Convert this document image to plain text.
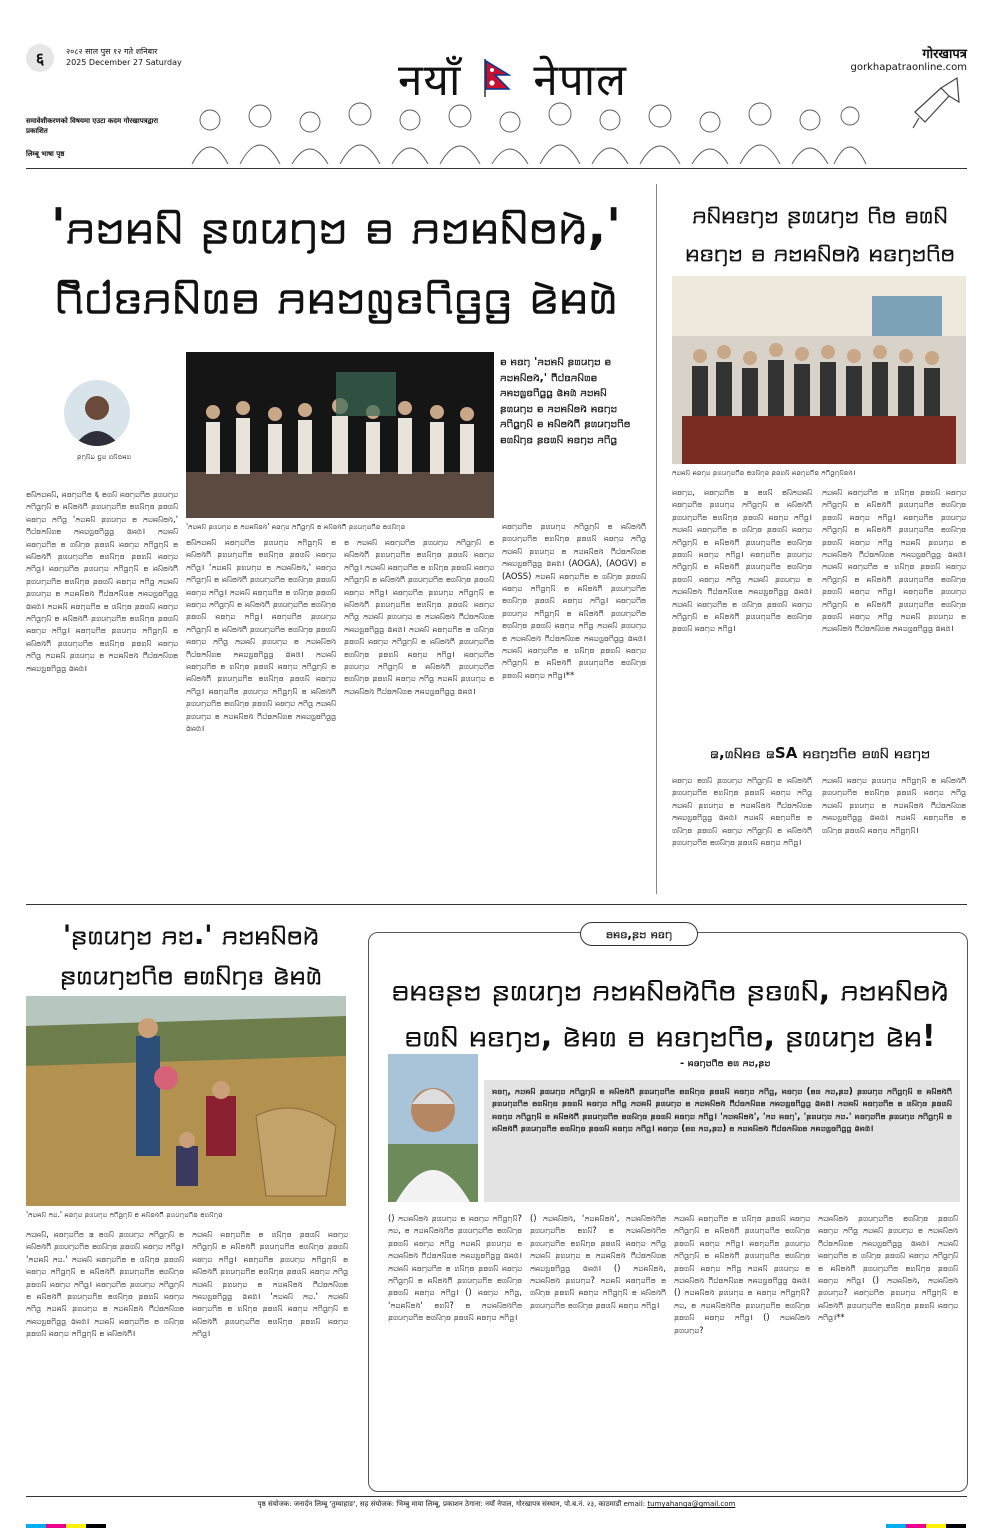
६	२०८२ साल पुस १२ गते शनिबार
2025 December 27 Saturday	नयाँ नेपाल
गोरखापत्र
gorkhapatraonline.com
समावेशीकरणको विषयमा एउटा कदम गोरखापत्रद्वारा प्रकाशित
लिम्बू भाषा पृष्ठ
'ꤏꤠꤌꤡ ꤔꤛꤣꤚꤠ ꤋ ꤏꤠꤌꤡꤥꤙꤧ,' ꤖꤧꤓꤢꤏꤡꤛꤋ ꤏꤌꤠꤜꤢꤖꤞꤞ ꤕꤧꤌꤛꤧ
ꤔꤚꤡꤗ ꤑꤠ ꤛꤡꤤꤌꤛ
'ꤏꤠꤌꤡ ꤔꤛꤣꤚꤠ ꤋ ꤏꤠꤌꤡꤥꤙꤧ' ꤌꤢꤚꤠ ꤏꤖꤞꤚꤡ ꤋ ꤌꤡꤥꤙꤧꤖꤧ ꤔꤛꤣꤚꤠꤖꤥ ꤋꤛꤡꤚꤢ
ꤋ ꤌꤢꤚ 'ꤏꤠꤌꤡ ꤔꤛꤣꤚꤠ ꤋ ꤏꤠꤌꤡꤥꤙꤧ,' ꤖꤧꤓꤢꤏꤡꤛꤋ ꤏꤌꤠꤜꤢꤖꤞꤞ ꤕꤧꤌꤛꤧ ꤏꤠꤌꤡ ꤔꤛꤣꤚꤠ ꤋ ꤏꤠꤌꤡꤥꤙꤧ ꤌꤢꤚꤠ ꤏꤖꤞꤚꤡ ꤋ ꤌꤡꤥꤙꤧꤖꤧ ꤔꤛꤣꤚꤠꤖꤥ ꤋꤛꤡꤚꤢ ꤔꤢꤛꤡ ꤌꤢꤚꤠ ꤏꤖꤞ

ꤋꤡꤏꤠꤌꤡ, ꤌꤢꤚꤠꤖꤥ ६ ꤋꤛꤡ ꤌꤢꤚꤠꤖꤥ ꤔꤛꤣꤚꤠ ꤏꤖꤞꤚꤡ ꤋ ꤌꤡꤥꤙꤧꤖꤧ ꤔꤛꤣꤚꤠꤖꤥ ꤋꤛꤡꤚꤢ ꤔꤢꤛꤡ ꤌꤢꤚꤠ ꤏꤖꤞ 'ꤏꤠꤌꤡ ꤔꤛꤣꤚꤠ ꤋ ꤏꤠꤌꤡꤥꤙꤧ,' ꤖꤧꤓꤢꤏꤡꤛꤋ ꤏꤌꤠꤜꤢꤖꤞꤞ ꤕꤧꤌꤛꤧ। ꤏꤠꤌꤡ ꤌꤢꤚꤠꤖꤥ ꤋ ꤛꤡꤚꤢ ꤔꤢꤛꤡ ꤌꤢꤚꤠ ꤏꤖꤞꤚꤡ ꤋ ꤌꤡꤥꤙꤧꤖꤧ ꤔꤛꤣꤚꤠꤖꤥ ꤋꤛꤡꤚꤢ ꤔꤢꤛꤡ ꤌꤢꤚꤠ ꤏꤖꤞ। ꤌꤢꤚꤠꤖꤥ ꤔꤛꤣꤚꤠ ꤏꤖꤞꤚꤡ ꤋ ꤌꤡꤥꤙꤧꤖꤧ ꤔꤛꤣꤚꤠꤖꤥ ꤋꤛꤡꤚꤢ ꤔꤢꤛꤡ ꤌꤢꤚꤠ ꤏꤖꤞ ꤏꤠꤌꤡ ꤔꤛꤣꤚꤠ ꤋ ꤏꤠꤌꤡꤥꤙꤧ ꤖꤧꤓꤢꤏꤡꤛꤋ ꤏꤌꤠꤜꤢꤖꤞꤞ ꤕꤧꤌꤛꤧ। ꤏꤠꤌꤡ ꤌꤢꤚꤠꤖꤥ ꤋ ꤛꤡꤚꤢ ꤔꤢꤛꤡ ꤌꤢꤚꤠ ꤏꤖꤞꤚꤡ ꤋ ꤌꤡꤥꤙꤧꤖꤧ ꤔꤛꤣꤚꤠꤖꤥ ꤋꤛꤡꤚꤢ ꤔꤢꤛꤡ ꤌꤢꤚꤠ ꤏꤖꤞ। ꤌꤢꤚꤠꤖꤥ ꤔꤛꤣꤚꤠ ꤏꤖꤞꤚꤡ ꤋ ꤌꤡꤥꤙꤧꤖꤧ ꤔꤛꤣꤚꤠꤖꤥ ꤋꤛꤡꤚꤢ ꤔꤢꤛꤡ ꤌꤢꤚꤠ ꤏꤖꤞ ꤏꤠꤌꤡ ꤔꤛꤣꤚꤠ ꤋ ꤏꤠꤌꤡꤥꤙꤧ ꤖꤧꤓꤢꤏꤡꤛꤋ ꤏꤌꤠꤜꤢꤖꤞꤞ ꤕꤧꤌꤛꤧ।

ꤋꤡꤏꤠꤌꤡ ꤌꤢꤚꤠꤖꤥ ꤔꤛꤣꤚꤠ ꤏꤖꤞꤚꤡ ꤋ ꤌꤡꤥꤙꤧꤖꤧ ꤔꤛꤣꤚꤠꤖꤥ ꤋꤛꤡꤚꤢ ꤔꤢꤛꤡ ꤌꤢꤚꤠ ꤏꤖꤞ। 'ꤏꤠꤌꤡ ꤔꤛꤣꤚꤠ ꤋ ꤏꤠꤌꤡꤥꤙꤧ,' ꤌꤢꤚꤠ ꤏꤖꤞꤚꤡ ꤋ ꤌꤡꤥꤙꤧꤖꤧ ꤔꤛꤣꤚꤠꤖꤥ ꤋꤛꤡꤚꤢ ꤔꤢꤛꤡ ꤌꤢꤚꤠ ꤏꤖꤞ। ꤏꤠꤌꤡ ꤌꤢꤚꤠꤖꤥ ꤋ ꤛꤡꤚꤢ ꤔꤢꤛꤡ ꤌꤢꤚꤠ ꤏꤖꤞꤚꤡ ꤋ ꤌꤡꤥꤙꤧꤖꤧ ꤔꤛꤣꤚꤠꤖꤥ ꤋꤛꤡꤚꤢ ꤔꤢꤛꤡ ꤌꤢꤚꤠ ꤏꤖꤞ। ꤌꤢꤚꤠꤖꤥ ꤔꤛꤣꤚꤠ ꤏꤖꤞꤚꤡ ꤋ ꤌꤡꤥꤙꤧꤖꤧ ꤔꤛꤣꤚꤠꤖꤥ ꤋꤛꤡꤚꤢ ꤔꤢꤛꤡ ꤌꤢꤚꤠ ꤏꤖꤞ ꤏꤠꤌꤡ ꤔꤛꤣꤚꤠ ꤋ ꤏꤠꤌꤡꤥꤙꤧ ꤖꤧꤓꤢꤏꤡꤛꤋ ꤏꤌꤠꤜꤢꤖꤞꤞ ꤕꤧꤌꤛꤧ। ꤏꤠꤌꤡ ꤌꤢꤚꤠꤖꤥ ꤋ ꤛꤡꤚꤢ ꤔꤢꤛꤡ ꤌꤢꤚꤠ ꤏꤖꤞꤚꤡ ꤋ ꤌꤡꤥꤙꤧꤖꤧ ꤔꤛꤣꤚꤠꤖꤥ ꤋꤛꤡꤚꤢ ꤔꤢꤛꤡ ꤌꤢꤚꤠ ꤏꤖꤞ। ꤌꤢꤚꤠꤖꤥ ꤔꤛꤣꤚꤠ ꤏꤖꤞꤚꤡ ꤋ ꤌꤡꤥꤙꤧꤖꤧ ꤔꤛꤣꤚꤠꤖꤥ ꤋꤛꤡꤚꤢ ꤔꤢꤛꤡ ꤌꤢꤚꤠ ꤏꤖꤞ ꤏꤠꤌꤡ ꤔꤛꤣꤚꤠ ꤋ ꤏꤠꤌꤡꤥꤙꤧ ꤖꤧꤓꤢꤏꤡꤛꤋ ꤏꤌꤠꤜꤢꤖꤞꤞ ꤕꤧꤌꤛꤧ।

ꤋ ꤏꤠꤌꤡ ꤌꤢꤚꤠꤖꤥ ꤔꤛꤣꤚꤠ ꤏꤖꤞꤚꤡ ꤋ ꤌꤡꤥꤙꤧꤖꤧ ꤔꤛꤣꤚꤠꤖꤥ ꤋꤛꤡꤚꤢ ꤔꤢꤛꤡ ꤌꤢꤚꤠ ꤏꤖꤞ। ꤏꤠꤌꤡ ꤌꤢꤚꤠꤖꤥ ꤋ ꤛꤡꤚꤢ ꤔꤢꤛꤡ ꤌꤢꤚꤠ ꤏꤖꤞꤚꤡ ꤋ ꤌꤡꤥꤙꤧꤖꤧ ꤔꤛꤣꤚꤠꤖꤥ ꤋꤛꤡꤚꤢ ꤔꤢꤛꤡ ꤌꤢꤚꤠ ꤏꤖꤞ। ꤌꤢꤚꤠꤖꤥ ꤔꤛꤣꤚꤠ ꤏꤖꤞꤚꤡ ꤋ ꤌꤡꤥꤙꤧꤖꤧ ꤔꤛꤣꤚꤠꤖꤥ ꤋꤛꤡꤚꤢ ꤔꤢꤛꤡ ꤌꤢꤚꤠ ꤏꤖꤞ ꤏꤠꤌꤡ ꤔꤛꤣꤚꤠ ꤋ ꤏꤠꤌꤡꤥꤙꤧ ꤖꤧꤓꤢꤏꤡꤛꤋ ꤏꤌꤠꤜꤢꤖꤞꤞ ꤕꤧꤌꤛꤧ। ꤏꤠꤌꤡ ꤌꤢꤚꤠꤖꤥ ꤋ ꤛꤡꤚꤢ ꤔꤢꤛꤡ ꤌꤢꤚꤠ ꤏꤖꤞꤚꤡ ꤋ ꤌꤡꤥꤙꤧꤖꤧ ꤔꤛꤣꤚꤠꤖꤥ ꤋꤛꤡꤚꤢ ꤔꤢꤛꤡ ꤌꤢꤚꤠ ꤏꤖꤞ। ꤌꤢꤚꤠꤖꤥ ꤔꤛꤣꤚꤠ ꤏꤖꤞꤚꤡ ꤋ ꤌꤡꤥꤙꤧꤖꤧ ꤔꤛꤣꤚꤠꤖꤥ ꤋꤛꤡꤚꤢ ꤔꤢꤛꤡ ꤌꤢꤚꤠ ꤏꤖꤞ ꤏꤠꤌꤡ ꤔꤛꤣꤚꤠ ꤋ ꤏꤠꤌꤡꤥꤙꤧ ꤖꤧꤓꤢꤏꤡꤛꤋ ꤏꤌꤠꤜꤢꤖꤞꤞ ꤕꤧꤌꤛꤧ।

ꤌꤢꤚꤠꤖꤥ ꤔꤛꤣꤚꤠ ꤏꤖꤞꤚꤡ ꤋ ꤌꤡꤥꤙꤧꤖꤧ ꤔꤛꤣꤚꤠꤖꤥ ꤋꤛꤡꤚꤢ ꤔꤢꤛꤡ ꤌꤢꤚꤠ ꤏꤖꤞ ꤏꤠꤌꤡ ꤔꤛꤣꤚꤠ ꤋ ꤏꤠꤌꤡꤥꤙꤧ ꤖꤧꤓꤢꤏꤡꤛꤋ ꤏꤌꤠꤜꤢꤖꤞꤞ ꤕꤧꤌꤛꤧ। (AOGA), (AOGV) ꤋ (AOSS) ꤏꤠꤌꤡ ꤌꤢꤚꤠꤖꤥ ꤋ ꤛꤡꤚꤢ ꤔꤢꤛꤡ ꤌꤢꤚꤠ ꤏꤖꤞꤚꤡ ꤋ ꤌꤡꤥꤙꤧꤖꤧ ꤔꤛꤣꤚꤠꤖꤥ ꤋꤛꤡꤚꤢ ꤔꤢꤛꤡ ꤌꤢꤚꤠ ꤏꤖꤞ। ꤌꤢꤚꤠꤖꤥ ꤔꤛꤣꤚꤠ ꤏꤖꤞꤚꤡ ꤋ ꤌꤡꤥꤙꤧꤖꤧ ꤔꤛꤣꤚꤠꤖꤥ ꤋꤛꤡꤚꤢ ꤔꤢꤛꤡ ꤌꤢꤚꤠ ꤏꤖꤞ ꤏꤠꤌꤡ ꤔꤛꤣꤚꤠ ꤋ ꤏꤠꤌꤡꤥꤙꤧ ꤖꤧꤓꤢꤏꤡꤛꤋ ꤏꤌꤠꤜꤢꤖꤞꤞ ꤕꤧꤌꤛꤧ। ꤏꤠꤌꤡ ꤌꤢꤚꤠꤖꤥ ꤋ ꤛꤡꤚꤢ ꤔꤢꤛꤡ ꤌꤢꤚꤠ ꤏꤖꤞꤚꤡ ꤋ ꤌꤡꤥꤙꤧꤖꤧ ꤔꤛꤣꤚꤠꤖꤥ ꤋꤛꤡꤚꤢ ꤔꤢꤛꤡ ꤌꤢꤚꤠ ꤏꤖꤞ।**

ꤏꤡꤌꤢꤚꤠ ꤔꤛꤣꤚꤠ ꤖꤥ ꤋꤛꤡ ꤌꤢꤚꤠ ꤋ ꤏꤠꤌꤡꤥꤙꤧ ꤌꤢꤚꤠꤖꤥ
ꤏꤠꤌꤡ ꤌꤢꤚꤠ ꤔꤛꤣꤚꤠꤖꤥ ꤋꤛꤡꤚꤢ ꤔꤢꤛꤡ ꤌꤢꤚꤠꤖꤥ ꤏꤖꤞꤚꤡꤥꤙꤧ।

ꤌꤢꤚꤠ, ꤌꤢꤚꤠꤖꤥ ꤘ ꤋꤛꤡ ꤋꤡꤏꤠꤌꤡ ꤌꤢꤚꤠꤖꤥ ꤔꤛꤣꤚꤠ ꤏꤖꤞꤚꤡ ꤋ ꤌꤡꤥꤙꤧꤖꤧ ꤔꤛꤣꤚꤠꤖꤥ ꤋꤛꤡꤚꤢ ꤔꤢꤛꤡ ꤌꤢꤚꤠ ꤏꤖꤞ। ꤏꤠꤌꤡ ꤌꤢꤚꤠꤖꤥ ꤋ ꤛꤡꤚꤢ ꤔꤢꤛꤡ ꤌꤢꤚꤠ ꤏꤖꤞꤚꤡ ꤋ ꤌꤡꤥꤙꤧꤖꤧ ꤔꤛꤣꤚꤠꤖꤥ ꤋꤛꤡꤚꤢ ꤔꤢꤛꤡ ꤌꤢꤚꤠ ꤏꤖꤞ। ꤌꤢꤚꤠꤖꤥ ꤔꤛꤣꤚꤠ ꤏꤖꤞꤚꤡ ꤋ ꤌꤡꤥꤙꤧꤖꤧ ꤔꤛꤣꤚꤠꤖꤥ ꤋꤛꤡꤚꤢ ꤔꤢꤛꤡ ꤌꤢꤚꤠ ꤏꤖꤞ ꤏꤠꤌꤡ ꤔꤛꤣꤚꤠ ꤋ ꤏꤠꤌꤡꤥꤙꤧ ꤖꤧꤓꤢꤏꤡꤛꤋ ꤏꤌꤠꤜꤢꤖꤞꤞ ꤕꤧꤌꤛꤧ। ꤏꤠꤌꤡ ꤌꤢꤚꤠꤖꤥ ꤋ ꤛꤡꤚꤢ ꤔꤢꤛꤡ ꤌꤢꤚꤠ ꤏꤖꤞꤚꤡ ꤋ ꤌꤡꤥꤙꤧꤖꤧ ꤔꤛꤣꤚꤠꤖꤥ ꤋꤛꤡꤚꤢ ꤔꤢꤛꤡ ꤌꤢꤚꤠ ꤏꤖꤞ।

ꤏꤠꤌꤡ ꤌꤢꤚꤠꤖꤥ ꤋ ꤛꤡꤚꤢ ꤔꤢꤛꤡ ꤌꤢꤚꤠ ꤏꤖꤞꤚꤡ ꤋ ꤌꤡꤥꤙꤧꤖꤧ ꤔꤛꤣꤚꤠꤖꤥ ꤋꤛꤡꤚꤢ ꤔꤢꤛꤡ ꤌꤢꤚꤠ ꤏꤖꤞ। ꤌꤢꤚꤠꤖꤥ ꤔꤛꤣꤚꤠ ꤏꤖꤞꤚꤡ ꤋ ꤌꤡꤥꤙꤧꤖꤧ ꤔꤛꤣꤚꤠꤖꤥ ꤋꤛꤡꤚꤢ ꤔꤢꤛꤡ ꤌꤢꤚꤠ ꤏꤖꤞ ꤏꤠꤌꤡ ꤔꤛꤣꤚꤠ ꤋ ꤏꤠꤌꤡꤥꤙꤧ ꤖꤧꤓꤢꤏꤡꤛꤋ ꤏꤌꤠꤜꤢꤖꤞꤞ ꤕꤧꤌꤛꤧ। ꤏꤠꤌꤡ ꤌꤢꤚꤠꤖꤥ ꤋ ꤛꤡꤚꤢ ꤔꤢꤛꤡ ꤌꤢꤚꤠ ꤏꤖꤞꤚꤡ ꤋ ꤌꤡꤥꤙꤧꤖꤧ ꤔꤛꤣꤚꤠꤖꤥ ꤋꤛꤡꤚꤢ ꤔꤢꤛꤡ ꤌꤢꤚꤠ ꤏꤖꤞ। ꤌꤢꤚꤠꤖꤥ ꤔꤛꤣꤚꤠ ꤏꤖꤞꤚꤡ ꤋ ꤌꤡꤥꤙꤧꤖꤧ ꤔꤛꤣꤚꤠꤖꤥ ꤋꤛꤡꤚꤢ ꤔꤢꤛꤡ ꤌꤢꤚꤠ ꤏꤖꤞ ꤏꤠꤌꤡ ꤔꤛꤣꤚꤠ ꤋ ꤏꤠꤌꤡꤥꤙꤧ ꤖꤧꤓꤢꤏꤡꤛꤋ ꤏꤌꤠꤜꤢꤖꤞꤞ ꤕꤧꤌꤛꤧ।

ꤘ,ꤛꤡꤌꤢ ꤘSA ꤌꤢꤚꤠꤖꤥ ꤋꤛꤡ ꤌꤢꤚꤠ

ꤌꤢꤚꤠ ꤋꤛꤡ ꤔꤛꤣꤚꤠ ꤏꤖꤞꤚꤡ ꤋ ꤌꤡꤥꤙꤧꤖꤧ ꤔꤛꤣꤚꤠꤖꤥ ꤋꤛꤡꤚꤢ ꤔꤢꤛꤡ ꤌꤢꤚꤠ ꤏꤖꤞ ꤏꤠꤌꤡ ꤔꤛꤣꤚꤠ ꤋ ꤏꤠꤌꤡꤥꤙꤧ ꤖꤧꤓꤢꤏꤡꤛꤋ ꤏꤌꤠꤜꤢꤖꤞꤞ ꤕꤧꤌꤛꤧ। ꤏꤠꤌꤡ ꤌꤢꤚꤠꤖꤥ ꤋ ꤛꤡꤚꤢ ꤔꤢꤛꤡ ꤌꤢꤚꤠ ꤏꤖꤞꤚꤡ ꤋ ꤌꤡꤥꤙꤧꤖꤧ ꤔꤛꤣꤚꤠꤖꤥ ꤋꤛꤡꤚꤢ ꤔꤢꤛꤡ ꤌꤢꤚꤠ ꤏꤖꤞ।

ꤏꤠꤌꤡ ꤌꤢꤚꤠ ꤔꤛꤣꤚꤠ ꤏꤖꤞꤚꤡ ꤋ ꤌꤡꤥꤙꤧꤖꤧ ꤔꤛꤣꤚꤠꤖꤥ ꤋꤛꤡꤚꤢ ꤔꤢꤛꤡ ꤌꤢꤚꤠ ꤏꤖꤞ ꤏꤠꤌꤡ ꤔꤛꤣꤚꤠ ꤋ ꤏꤠꤌꤡꤥꤙꤧ ꤖꤧꤓꤢꤏꤡꤛꤋ ꤏꤌꤠꤜꤢꤖꤞꤞ ꤕꤧꤌꤛꤧ। ꤏꤠꤌꤡ ꤌꤢꤚꤠꤖꤥ ꤋ ꤛꤡꤚꤢ ꤔꤢꤛꤡ ꤌꤢꤚꤠ ꤏꤖꤞꤚꤡ।

'ꤔꤛꤣꤚꤠ ꤏꤠ.' ꤏꤠꤌꤡꤥꤙꤧ ꤔꤛꤣꤚꤠꤖꤥ ꤋꤛꤡꤚꤢ ꤕꤧꤌꤛꤧ
'ꤏꤠꤌꤡ ꤏꤠ.' ꤌꤢꤚꤠ ꤔꤛꤣꤚꤠ ꤏꤖꤞꤚꤡ ꤋ ꤌꤡꤥꤙꤧꤖꤧ ꤔꤛꤣꤚꤠꤖꤥ ꤋꤛꤡꤚꤢ

ꤏꤠꤌꤡ, ꤌꤢꤚꤠꤖꤥ ꤘ ꤋꤛꤡ ꤔꤛꤣꤚꤠ ꤏꤖꤞꤚꤡ ꤋ ꤌꤡꤥꤙꤧꤖꤧ ꤔꤛꤣꤚꤠꤖꤥ ꤋꤛꤡꤚꤢ ꤔꤢꤛꤡ ꤌꤢꤚꤠ ꤏꤖꤞ। 'ꤏꤠꤌꤡ ꤏꤠ.' ꤏꤠꤌꤡ ꤌꤢꤚꤠꤖꤥ ꤋ ꤛꤡꤚꤢ ꤔꤢꤛꤡ ꤌꤢꤚꤠ ꤏꤖꤞꤚꤡ ꤋ ꤌꤡꤥꤙꤧꤖꤧ ꤔꤛꤣꤚꤠꤖꤥ ꤋꤛꤡꤚꤢ ꤔꤢꤛꤡ ꤌꤢꤚꤠ ꤏꤖꤞ। ꤌꤢꤚꤠꤖꤥ ꤔꤛꤣꤚꤠ ꤏꤖꤞꤚꤡ ꤋ ꤌꤡꤥꤙꤧꤖꤧ ꤔꤛꤣꤚꤠꤖꤥ ꤋꤛꤡꤚꤢ ꤔꤢꤛꤡ ꤌꤢꤚꤠ ꤏꤖꤞ ꤏꤠꤌꤡ ꤔꤛꤣꤚꤠ ꤋ ꤏꤠꤌꤡꤥꤙꤧ ꤖꤧꤓꤢꤏꤡꤛꤋ ꤏꤌꤠꤜꤢꤖꤞꤞ ꤕꤧꤌꤛꤧ। ꤏꤠꤌꤡ ꤌꤢꤚꤠꤖꤥ ꤋ ꤛꤡꤚꤢ ꤔꤢꤛꤡ ꤌꤢꤚꤠ ꤏꤖꤞꤚꤡ ꤋ ꤌꤡꤥꤙꤧꤖꤧ।

ꤏꤠꤌꤡ ꤌꤢꤚꤠꤖꤥ ꤋ ꤛꤡꤚꤢ ꤔꤢꤛꤡ ꤌꤢꤚꤠ ꤏꤖꤞꤚꤡ ꤋ ꤌꤡꤥꤙꤧꤖꤧ ꤔꤛꤣꤚꤠꤖꤥ ꤋꤛꤡꤚꤢ ꤔꤢꤛꤡ ꤌꤢꤚꤠ ꤏꤖꤞ। ꤌꤢꤚꤠꤖꤥ ꤔꤛꤣꤚꤠ ꤏꤖꤞꤚꤡ ꤋ ꤌꤡꤥꤙꤧꤖꤧ ꤔꤛꤣꤚꤠꤖꤥ ꤋꤛꤡꤚꤢ ꤔꤢꤛꤡ ꤌꤢꤚꤠ ꤏꤖꤞ ꤏꤠꤌꤡ ꤔꤛꤣꤚꤠ ꤋ ꤏꤠꤌꤡꤥꤙꤧ ꤖꤧꤓꤢꤏꤡꤛꤋ ꤏꤌꤠꤜꤢꤖꤞꤞ ꤕꤧꤌꤛꤧ। 'ꤏꤠꤌꤡ ꤏꤠ.' ꤏꤠꤌꤡ ꤌꤢꤚꤠꤖꤥ ꤋ ꤛꤡꤚꤢ ꤔꤢꤛꤡ ꤌꤢꤚꤠ ꤏꤖꤞꤚꤡ ꤋ ꤌꤡꤥꤙꤧꤖꤧ ꤔꤛꤣꤚꤠꤖꤥ ꤋꤛꤡꤚꤢ ꤔꤢꤛꤡ ꤌꤢꤚꤠ ꤏꤖꤞ।

ꤋꤌꤢ,ꤔꤠ ꤌꤢꤚ
ꤋꤌꤢꤔꤠ ꤔꤛꤣꤚꤠ ꤏꤠꤌꤡꤥꤙꤧꤖꤥ ꤔꤢꤛꤡ, ꤏꤠꤌꤡꤥꤙꤧ ꤋꤛꤡ ꤌꤢꤚꤠ, ꤕꤧꤌꤛ ꤋ ꤌꤢꤚꤠꤖꤥ, ꤔꤛꤣꤚꤠ ꤕꤧꤌ!
- ꤌꤢꤚꤠꤖꤥ ꤋꤛ ꤏꤠ,ꤔꤠ
ꤌꤢꤚ, ꤏꤠꤌꤡ ꤔꤛꤣꤚꤠ ꤏꤖꤞꤚꤡ ꤋ ꤌꤡꤥꤙꤧꤖꤧ ꤔꤛꤣꤚꤠꤖꤥ ꤋꤛꤡꤚꤢ ꤔꤢꤛꤡ ꤌꤢꤚꤠ ꤏꤖꤞ, ꤌꤢꤚꤠ (ꤋꤛ ꤏꤠ,ꤔꤠ) ꤔꤛꤣꤚꤠ ꤏꤖꤞꤚꤡ ꤋ ꤌꤡꤥꤙꤧꤖꤧ ꤔꤛꤣꤚꤠꤖꤥ ꤋꤛꤡꤚꤢ ꤔꤢꤛꤡ ꤌꤢꤚꤠ ꤏꤖꤞ ꤏꤠꤌꤡ ꤔꤛꤣꤚꤠ ꤋ ꤏꤠꤌꤡꤥꤙꤧ ꤖꤧꤓꤢꤏꤡꤛꤋ ꤏꤌꤠꤜꤢꤖꤞꤞ ꤕꤧꤌꤛꤧ। ꤏꤠꤌꤡ ꤌꤢꤚꤠꤖꤥ ꤋ ꤛꤡꤚꤢ ꤔꤢꤛꤡ ꤌꤢꤚꤠ ꤏꤖꤞꤚꤡ ꤋ ꤌꤡꤥꤙꤧꤖꤧ ꤔꤛꤣꤚꤠꤖꤥ ꤋꤛꤡꤚꤢ ꤔꤢꤛꤡ ꤌꤢꤚꤠ ꤏꤖꤞ। 'ꤏꤠꤌꤡꤥꤙꤧ', 'ꤏꤠ ꤌꤢꤚ', 'ꤔꤛꤣꤚꤠ ꤏꤠ.' ꤌꤢꤚꤠꤖꤥ ꤔꤛꤣꤚꤠ ꤏꤖꤞꤚꤡ ꤋ ꤌꤡꤥꤙꤧꤖꤧ ꤔꤛꤣꤚꤠꤖꤥ ꤋꤛꤡꤚꤢ ꤔꤢꤛꤡ ꤌꤢꤚꤠ ꤏꤖꤞ। ꤌꤢꤚꤠ (ꤋꤛ ꤏꤠ,ꤔꤠ) ꤋ ꤏꤠꤌꤡꤥꤙꤧ ꤖꤧꤓꤢꤏꤡꤛꤋ ꤏꤌꤠꤜꤢꤖꤞꤞ ꤕꤧꤌꤛꤧ।

() ꤏꤠꤌꤡꤥꤙꤧ ꤔꤛꤣꤚꤠ ꤋ ꤌꤢꤚꤠ ꤏꤖꤞꤚꤡ? ꤏꤠ, ꤋ ꤏꤠꤌꤡꤥꤙꤧꤖꤥ ꤔꤛꤣꤚꤠꤖꤥ ꤋꤛꤡꤚꤢ ꤔꤢꤛꤡ ꤌꤢꤚꤠ ꤏꤖꤞ ꤏꤠꤌꤡ ꤔꤛꤣꤚꤠ ꤋ ꤏꤠꤌꤡꤥꤙꤧ ꤖꤧꤓꤢꤏꤡꤛꤋ ꤏꤌꤠꤜꤢꤖꤞꤞ ꤕꤧꤌꤛꤧ। ꤏꤠꤌꤡ ꤌꤢꤚꤠꤖꤥ ꤋ ꤛꤡꤚꤢ ꤔꤢꤛꤡ ꤌꤢꤚꤠ ꤏꤖꤞꤚꤡ ꤋ ꤌꤡꤥꤙꤧꤖꤧ ꤔꤛꤣꤚꤠꤖꤥ ꤋꤛꤡꤚꤢ ꤔꤢꤛꤡ ꤌꤢꤚꤠ ꤏꤖꤞ। () ꤌꤢꤚꤠ ꤏꤖꤞ, 'ꤏꤠꤌꤡꤥꤙꤧ' ꤋꤛꤡ? ꤋ ꤏꤠꤌꤡꤥꤙꤧꤖꤥ ꤔꤛꤣꤚꤠꤖꤥ ꤋꤛꤡꤚꤢ ꤔꤢꤛꤡ ꤌꤢꤚꤠ ꤏꤖꤞ।

() ꤏꤠꤌꤡꤥꤙꤧ, 'ꤏꤠꤌꤡꤥꤙꤧ', ꤏꤠꤌꤡꤥꤙꤧꤖꤥ ꤔꤛꤣꤚꤠꤖꤥ ꤋꤛꤡ? ꤋ ꤏꤠꤌꤡꤥꤙꤧꤖꤥ ꤔꤛꤣꤚꤠꤖꤥ ꤋꤛꤡꤚꤢ ꤔꤢꤛꤡ ꤌꤢꤚꤠ ꤏꤖꤞ ꤏꤠꤌꤡ ꤔꤛꤣꤚꤠ ꤋ ꤏꤠꤌꤡꤥꤙꤧ ꤖꤧꤓꤢꤏꤡꤛꤋ ꤏꤌꤠꤜꤢꤖꤞꤞ ꤕꤧꤌꤛꤧ। () ꤏꤠꤌꤡꤥꤙꤧ, ꤏꤠꤌꤡꤥꤙꤧ ꤔꤛꤣꤚꤠ? ꤏꤠꤌꤡ ꤌꤢꤚꤠꤖꤥ ꤋ ꤛꤡꤚꤢ ꤔꤢꤛꤡ ꤌꤢꤚꤠ ꤏꤖꤞꤚꤡ ꤋ ꤌꤡꤥꤙꤧꤖꤧ ꤔꤛꤣꤚꤠꤖꤥ ꤋꤛꤡꤚꤢ ꤔꤢꤛꤡ ꤌꤢꤚꤠ ꤏꤖꤞ।

ꤏꤠꤌꤡ ꤌꤢꤚꤠꤖꤥ ꤋ ꤛꤡꤚꤢ ꤔꤢꤛꤡ ꤌꤢꤚꤠ ꤏꤖꤞꤚꤡ ꤋ ꤌꤡꤥꤙꤧꤖꤧ ꤔꤛꤣꤚꤠꤖꤥ ꤋꤛꤡꤚꤢ ꤔꤢꤛꤡ ꤌꤢꤚꤠ ꤏꤖꤞ। ꤌꤢꤚꤠꤖꤥ ꤔꤛꤣꤚꤠ ꤏꤖꤞꤚꤡ ꤋ ꤌꤡꤥꤙꤧꤖꤧ ꤔꤛꤣꤚꤠꤖꤥ ꤋꤛꤡꤚꤢ ꤔꤢꤛꤡ ꤌꤢꤚꤠ ꤏꤖꤞ ꤏꤠꤌꤡ ꤔꤛꤣꤚꤠ ꤋ ꤏꤠꤌꤡꤥꤙꤧ ꤖꤧꤓꤢꤏꤡꤛꤋ ꤏꤌꤠꤜꤢꤖꤞꤞ ꤕꤧꤌꤛꤧ। () ꤏꤠꤌꤡꤥꤙꤧ ꤔꤛꤣꤚꤠ ꤋ ꤌꤢꤚꤠ ꤏꤖꤞꤚꤡ? ꤏꤠ, ꤋ ꤏꤠꤌꤡꤥꤙꤧꤖꤥ ꤔꤛꤣꤚꤠꤖꤥ ꤋꤛꤡꤚꤢ ꤔꤢꤛꤡ ꤌꤢꤚꤠ ꤏꤖꤞ। () ꤏꤠꤌꤡꤥꤙꤧ ꤔꤛꤣꤚꤠ?

ꤏꤠꤌꤡꤥꤙꤧ ꤔꤛꤣꤚꤠꤖꤥ ꤋꤛꤡꤚꤢ ꤔꤢꤛꤡ ꤌꤢꤚꤠ ꤏꤖꤞ ꤏꤠꤌꤡ ꤔꤛꤣꤚꤠ ꤋ ꤏꤠꤌꤡꤥꤙꤧ ꤖꤧꤓꤢꤏꤡꤛꤋ ꤏꤌꤠꤜꤢꤖꤞꤞ ꤕꤧꤌꤛꤧ। ꤏꤠꤌꤡ ꤌꤢꤚꤠꤖꤥ ꤋ ꤛꤡꤚꤢ ꤔꤢꤛꤡ ꤌꤢꤚꤠ ꤏꤖꤞꤚꤡ ꤋ ꤌꤡꤥꤙꤧꤖꤧ ꤔꤛꤣꤚꤠꤖꤥ ꤋꤛꤡꤚꤢ ꤔꤢꤛꤡ ꤌꤢꤚꤠ ꤏꤖꤞ। () ꤏꤠꤌꤡꤥꤙꤧ, ꤏꤠꤌꤡꤥꤙꤧ ꤔꤛꤣꤚꤠ? ꤌꤢꤚꤠꤖꤥ ꤔꤛꤣꤚꤠ ꤏꤖꤞꤚꤡ ꤋ ꤌꤡꤥꤙꤧꤖꤧ ꤔꤛꤣꤚꤠꤖꤥ ꤋꤛꤡꤚꤢ ꤔꤢꤛꤡ ꤌꤢꤚꤠ ꤏꤖꤞ।**

पृष्ठ संयोजक: जनार्दन लिम्बू 'तुम्याहाङ', सह संयोजक: भिम्बु माया लिम्बू, प्रकाशन ठेगाना: नयाँ नेपाल, गोरखापत्र संस्थान, पो.ब.नं. २३, काठमाडौं email: tumyahanga@gmail.com
